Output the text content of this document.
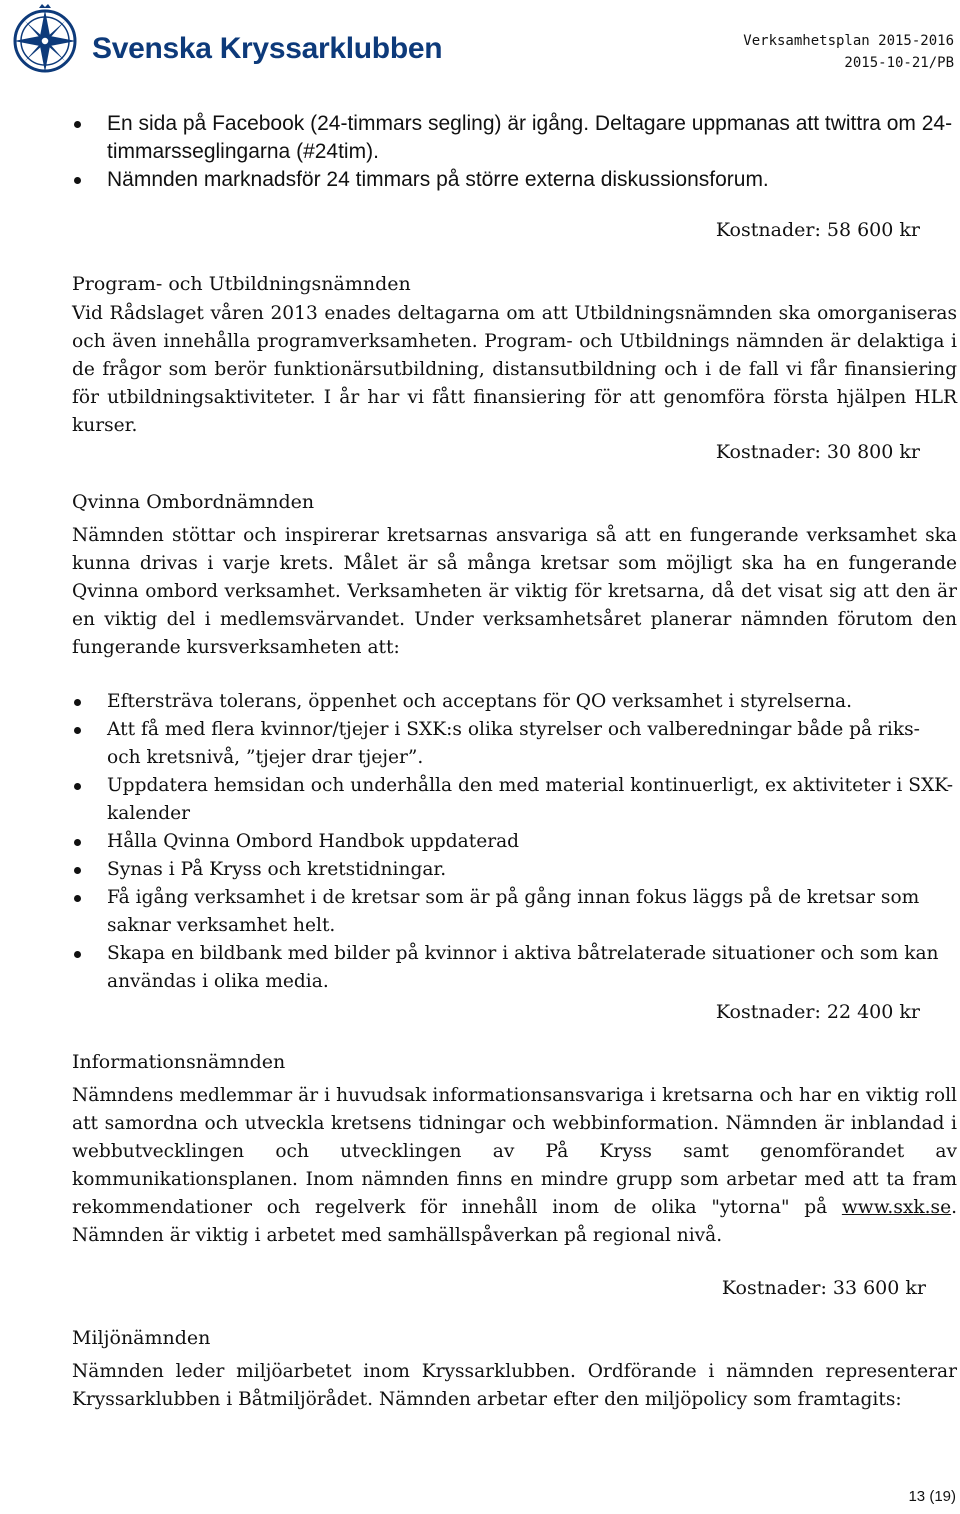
Svenska Kryssarklubben	Verksamhetsplan 2015-2016
2015-10-21/PB
En sida på Facebook (24-timmars segling) är igång. Deltagare uppmanas att twittra om 24-timmarsseglingarna (#24tim).
Nämnden marknadsför 24 timmars på större externa diskussionsforum.
Kostnader: 58 600 kr
Program- och Utbildningsnämnden

Vid Rådslaget våren 2013 enades deltagarna om att Utbildningsnämnden ska omorganiseras och även innehålla programverksamheten. Program- och Utbildnings nämnden är delaktiga i de frågor som berör funktionärsutbildning, distansutbildning och i de fall vi får finansiering för utbildningsaktiviteter. I år har vi fått finansiering för att genomföra första hjälpen HLR kurser.

Kostnader: 30 800 kr
Qvinna Ombordnämnden

Nämnden stöttar och inspirerar kretsarnas ansvariga så att en fungerande verksamhet ska kunna drivas i varje krets. Målet är så många kretsar som möjligt ska ha en fungerande Qvinna ombord verksamhet. Verksamheten är viktig för kretsarna, då det visat sig att den är en viktig del i medlemsvärvandet. Under verksamhetsåret planerar nämnden förutom den fungerande kursverksamheten att:

Eftersträva tolerans, öppenhet och acceptans för QO verksamhet i styrelserna.
Att få med flera kvinnor/tjejer i SXK:s olika styrelser och valberedningar både på riks- och kretsnivå, ”tjejer drar tjejer”.
Uppdatera hemsidan och underhålla den med material kontinuerligt, ex aktiviteter i SXK-kalender
Hålla Qvinna Ombord Handbok uppdaterad
Synas i På Kryss och kretstidningar.
Få igång verksamhet i de kretsar som är på gång innan fokus läggs på de kretsar som saknar verksamhet helt.
Skapa en bildbank med bilder på kvinnor i aktiva båtrelaterade situationer och som kan användas i olika media.
Kostnader: 22 400 kr
Informationsnämnden

Nämndens medlemmar är i huvudsak informationsansvariga i kretsarna och har en viktig roll att samordna och utveckla kretsens tidningar och webbinformation. Nämnden är inblandad i webbutvecklingen och utvecklingen av På Kryss samt genomförandet av kommunikationsplanen. Inom nämnden finns en mindre grupp som arbetar med att ta fram rekommendationer och regelverk för innehåll inom de olika "ytorna" på www.sxk.se. Nämnden är viktig i arbetet med samhällspåverkan på regional nivå.

Kostnader: 33 600 kr
Miljönämnden

Nämnden leder miljöarbetet inom Kryssarklubben. Ordförande i nämnden representerar Kryssarklubben i Båtmiljörådet. Nämnden arbetar efter den miljöpolicy som framtagits:

13 (19)
